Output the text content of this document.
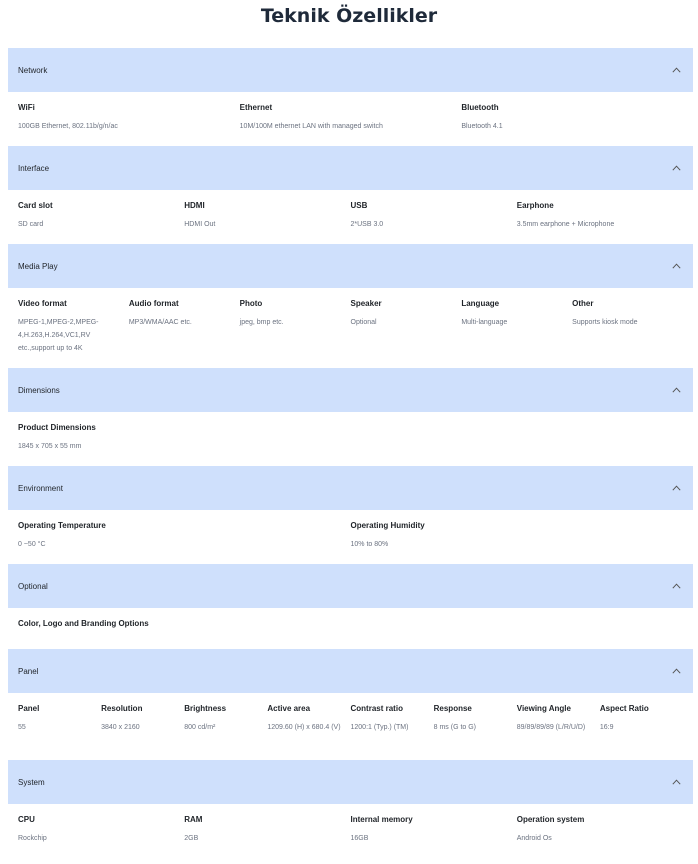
Teknik Özellikler
Network
WiFi
100GB Ethernet, 802.11b/g/n/ac
Ethernet
10M/100M ethernet LAN with managed switch
Bluetooth
Bluetooth 4.1
Interface
Card slot
SD card
HDMI
HDMI Out
USB
2*USB 3.0
Earphone
3.5mm earphone + Microphone
Media Play
Video format
MPEG-1,MPEG-2,MPEG-4,H.263,H.264,VC1,RV etc.,support up to 4K
Audio format
MP3/WMA/AAC etc.
Photo
jpeg, bmp etc.
Speaker
Optional
Language
Multi-language
Other
Supports kiosk mode
Dimensions
Product Dimensions
1845 x 705 x 55 mm
Environment
Operating Temperature
0 ~50 °C
Operating Humidity
10% to 80%
Optional
Color, Logo and Branding Options
Panel
Panel
55
Resolution
3840 x 2160
Brightness
800 cd/m²
Active area
1209.60 (H) x 680.4 (V)
Contrast ratio
1200:1 (Typ.) (TM)
Response
8 ms (G to G)
Viewing Angle
89/89/89/89 (L/R/U/D)
Aspect Ratio
16:9
System
CPU
Rockchip
RAM
2GB
Internal memory
16GB
Operation system
Android Os
